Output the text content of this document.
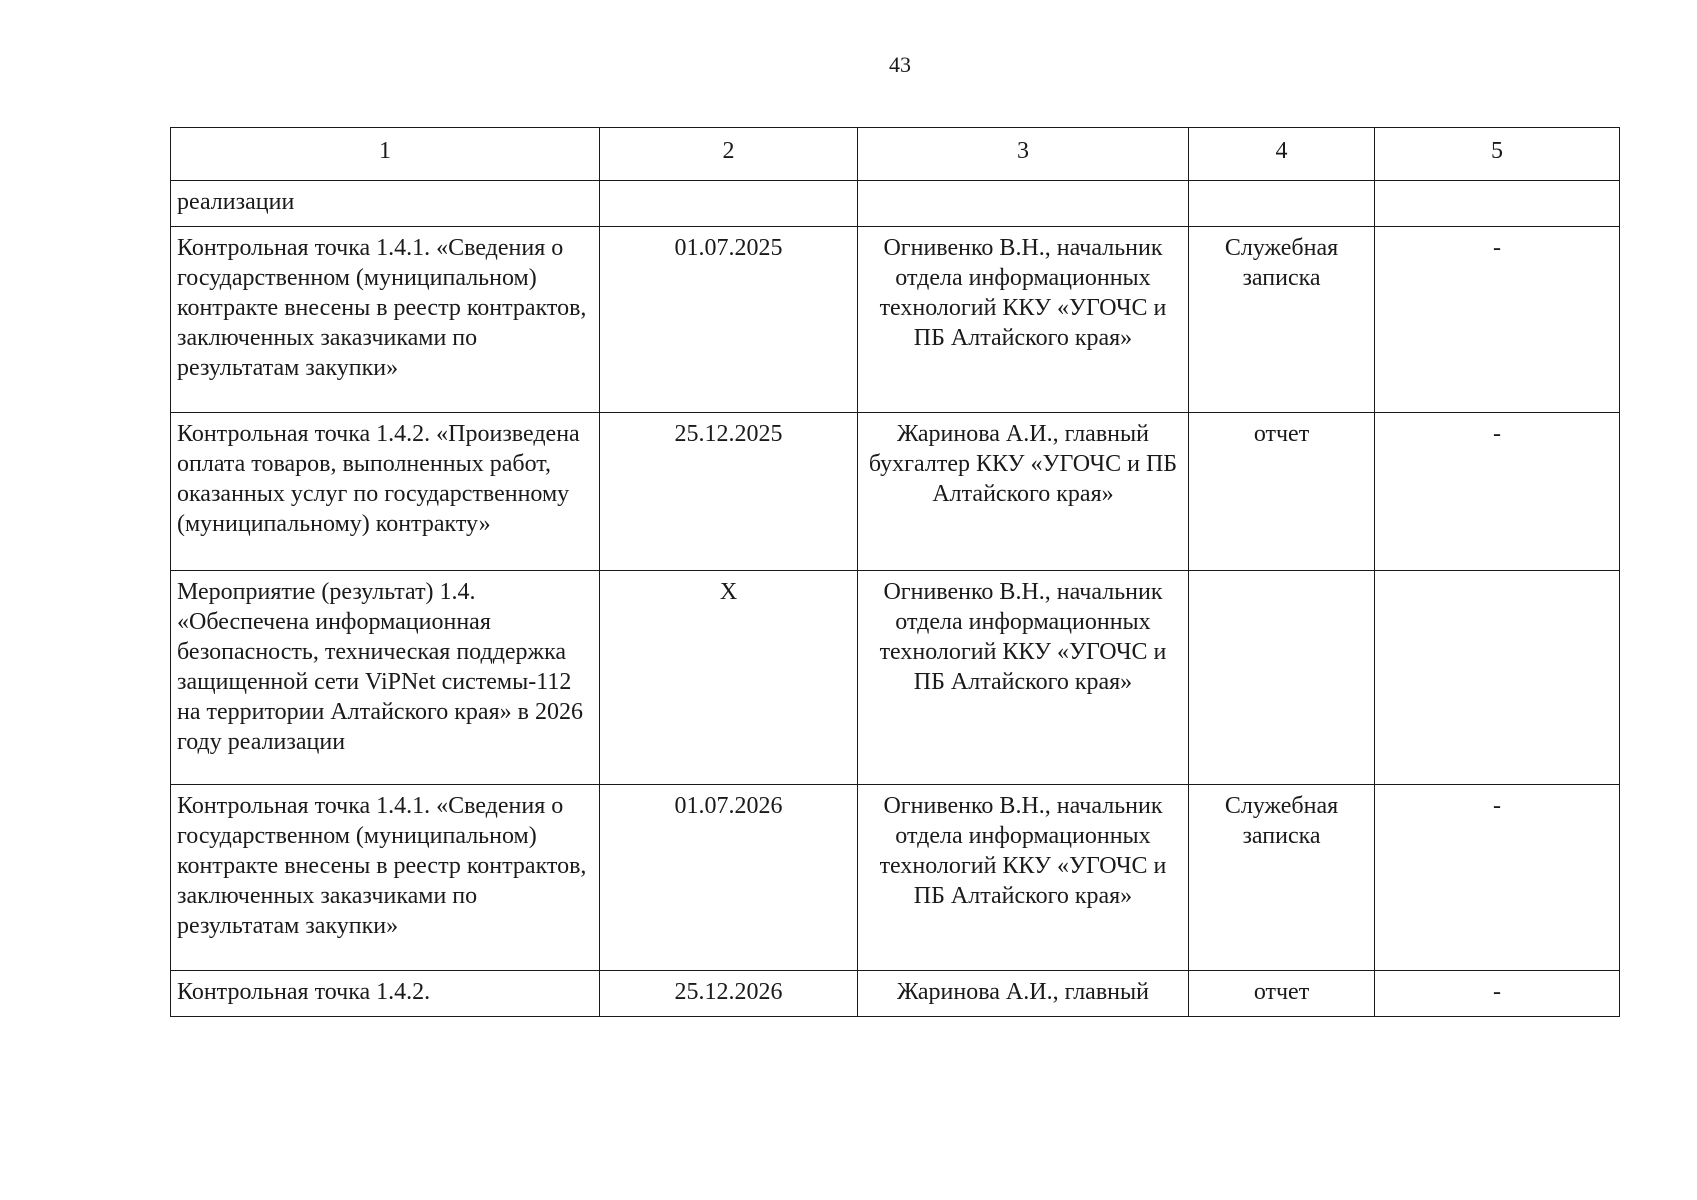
43
1	2	3	4	5
реализации				
Контрольная точка 1.4.1. «Сведения о государственном (муниципальном) контракте внесены в реестр контрактов, заключенных заказчиками по результатам закупки»	01.07.2025	Огнивенко В.Н., начальник отдела информационных технологий ККУ «УГОЧС и ПБ Алтайского края»	Служебная записка	-
Контрольная точка 1.4.2. «Произведена оплата товаров, выполненных работ, оказанных услуг по государственному (муниципальному) контракту»	25.12.2025	Жаринова А.И., главный бухгалтер ККУ «УГОЧС и ПБ Алтайского края»	отчет	-
Мероприятие (результат) 1.4. «Обеспечена информационная безопасность, техническая поддержка защищенной сети ViPNet системы-112 на территории Алтайского края» в 2026 году реализации	X	Огнивенко В.Н., начальник отдела информационных технологий ККУ «УГОЧС и ПБ Алтайского края»		
Контрольная точка 1.4.1. «Сведения о государственном (муниципальном) контракте внесены в реестр контрактов, заключенных заказчиками по результатам закупки»	01.07.2026	Огнивенко В.Н., начальник отдела информационных технологий ККУ «УГОЧС и ПБ Алтайского края»	Служебная записка	-
Контрольная точка 1.4.2.	25.12.2026	Жаринова А.И., главный	отчет	-
